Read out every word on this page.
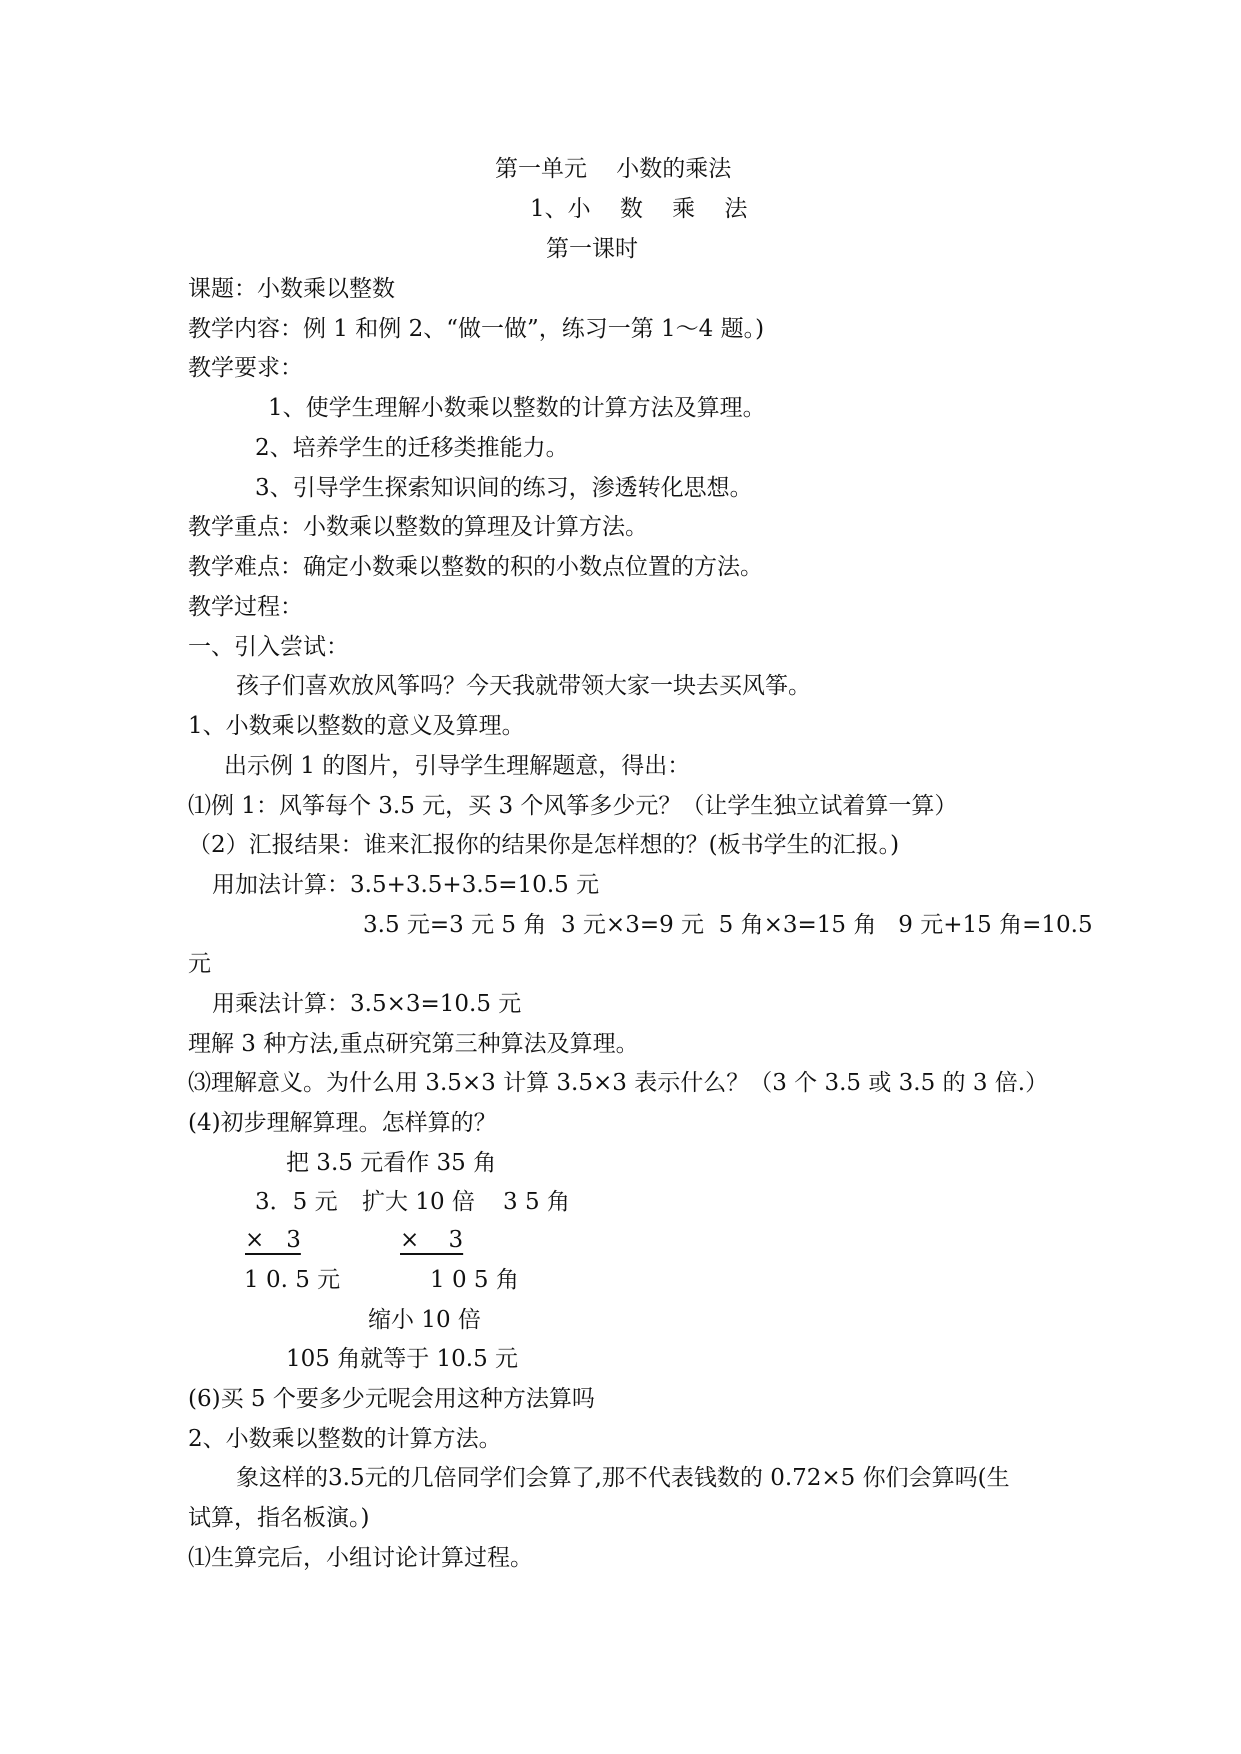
第一单元    小数的乘法
1、小    数    乘    法
第一课时
课题：小数乘以整数
教学内容：例 1 和例 2、“做一做”，练习一第 1～4 题。)
教学要求：
1、使学生理解小数乘以整数的计算方法及算理。
2、培养学生的迁移类推能力。
3、引导学生探索知识间的练习，渗透转化思想。
教学重点：小数乘以整数的算理及计算方法。
教学难点：确定小数乘以整数的积的小数点位置的方法。
教学过程：
一、引入尝试：
孩子们喜欢放风筝吗？今天我就带领大家一块去买风筝。
1、小数乘以整数的意义及算理。
出示例 1 的图片，引导学生理解题意，得出：
⑴例 1：风筝每个 3.5 元，买 3 个风筝多少元？（让学生独立试着算一算）
（2）汇报结果：谁来汇报你的结果你是怎样想的？(板书学生的汇报。)
用加法计算：3.5+3.5+3.5=10.5 元
3.5 元=3 元 5 角  3 元×3=9 元  5 角×3=15 角   9 元+15 角=10.5
元
用乘法计算：3.5×3=10.5 元
理解 3 种方法,重点研究第三种算法及算理。
⑶理解意义。为什么用 3.5×3 计算 3.5×3 表示什么？（3 个 3.5 或 3.5 的 3 倍.）
(4)初步理解算理。怎样算的？
把 3.5 元看作 35 角
3．5 元 扩大 10 倍 3 5 角
×   3	×    3
1 0. 5 元	1 0 5 角
缩小 10 倍
105 角就等于 10.5 元
(6)买 5 个要多少元呢会用这种方法算吗
2、小数乘以整数的计算方法。
象这样的3.5元的几倍同学们会算了,那不代表钱数的 0.72×5 你们会算吗(生
试算，指名板演。)
⑴生算完后，小组讨论计算过程。
